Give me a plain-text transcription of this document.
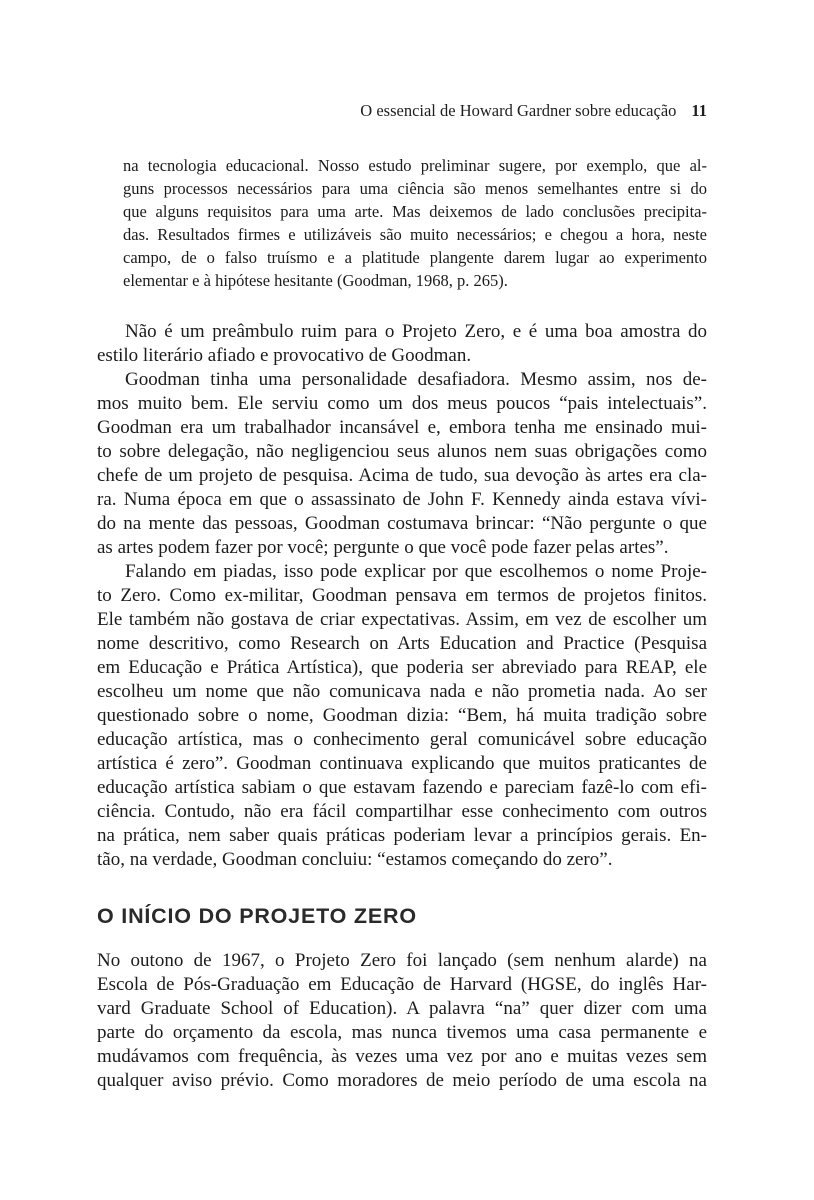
O essencial de Howard Gardner sobre educação 11
na tecnologia educacional. Nosso estudo preliminar sugere, por exemplo, que al-
guns processos necessários para uma ciência são menos semelhantes entre si do
que alguns requisitos para uma arte. Mas deixemos de lado conclusões precipita-
das. Resultados firmes e utilizáveis são muito necessários; e chegou a hora, neste
campo, de o falso truísmo e a platitude plangente darem lugar ao experimento
elementar e à hipótese hesitante (Goodman, 1968, p. 265).

Não é um preâmbulo ruim para o Projeto Zero, e é uma boa amostra do
estilo literário afiado e provocativo de Goodman.

Goodman tinha uma personalidade desafiadora. Mesmo assim, nos de-
mos muito bem. Ele serviu como um dos meus poucos “pais intelectuais”.
Goodman era um trabalhador incansável e, embora tenha me ensinado mui-
to sobre delegação, não negligenciou seus alunos nem suas obrigações como
chefe de um projeto de pesquisa. Acima de tudo, sua devoção às artes era cla-
ra. Numa época em que o assassinato de John F. Kennedy ainda estava vívi-
do na mente das pessoas, Goodman costumava brincar: “Não pergunte o que
as artes podem fazer por você; pergunte o que você pode fazer pelas artes”.

Falando em piadas, isso pode explicar por que escolhemos o nome Proje-
to Zero. Como ex-militar, Goodman pensava em termos de projetos finitos.
Ele também não gostava de criar expectativas. Assim, em vez de escolher um
nome descritivo, como Research on Arts Education and Practice (Pesquisa
em Educação e Prática Artística), que poderia ser abreviado para REAP, ele
escolheu um nome que não comunicava nada e não prometia nada. Ao ser
questionado sobre o nome, Goodman dizia: “Bem, há muita tradição sobre
educação artística, mas o conhecimento geral comunicável sobre educação
artística é zero”. Goodman continuava explicando que muitos praticantes de
educação artística sabiam o que estavam fazendo e pareciam fazê-lo com efi-
ciência. Contudo, não era fácil compartilhar esse conhecimento com outros
na prática, nem saber quais práticas poderiam levar a princípios gerais. En-
tão, na verdade, Goodman concluiu: “estamos começando do zero”.

O INÍCIO DO PROJETO ZERO

No outono de 1967, o Projeto Zero foi lançado (sem nenhum alarde) na
Escola de Pós-Graduação em Educação de Harvard (HGSE, do inglês Har-
vard Graduate School of Education). A palavra “na” quer dizer com uma
parte do orçamento da escola, mas nunca tivemos uma casa permanente e
mudávamos com frequência, às vezes uma vez por ano e muitas vezes sem
qualquer aviso prévio. Como moradores de meio período de uma escola na
